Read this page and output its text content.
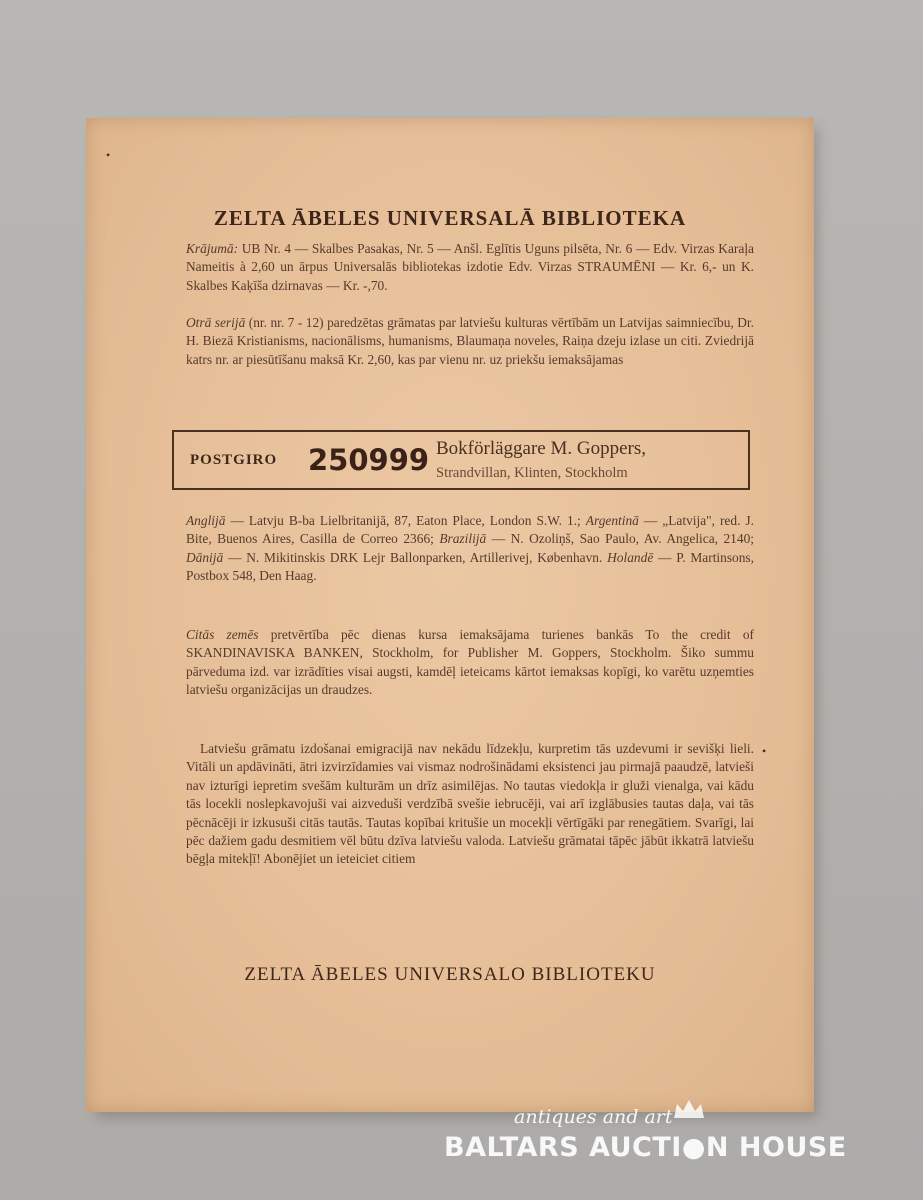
ZELTA ĀBELES UNIVERSALĀ BIBLIOTEKA
Krājumā: UB Nr. 4 — Skalbes Pasakas, Nr. 5 — Anšl. Eglītis Uguns pilsēta, Nr. 6 — Edv. Virzas Karaļa Nameitis à 2,60 un ārpus Universalās bibliotekas izdotie Edv. Virzas STRAUMĒNI — Kr. 6,- un K. Skalbes Kaķīša dzirnavas — Kr. -,70.
Otrā serijā (nr. nr. 7 - 12) paredzētas grāmatas par latviešu kulturas vērtībām un Latvijas saimniecību, Dr. H. Biezā Kristianisms, nacionālisms, humanisms, Blaumaņa noveles, Raiņa dzeju izlase un citi. Zviedrijā katrs nr. ar piesūtīšanu maksā Kr. 2,60, kas par vienu nr. uz priekšu iemaksājamas
POSTGIRO 250999 Bokförläggare M. Goppers,
Strandvillan, Klinten, Stockholm
Anglijā — Latvju B-ba Lielbritanijā, 87, Eaton Place, London S.W. 1.; Argentinā — „Latvija", red. J. Bite, Buenos Aires, Casilla de Correo 2366; Brazilijā — N. Ozoliņš, Sao Paulo, Av. Angelica, 2140; Dānijā — N. Mikitinskis DRK Lejr Ballonparken, Artillerivej, København. Holandē — P. Martinsons, Postbox 548, Den Haag.
Citās zemēs pretvērtība pēc dienas kursa iemaksājama turienes bankās To the credit of SKANDINAVISKA BANKEN, Stockholm, for Publisher M. Goppers, Stockholm. Šiko summu pārveduma izd. var izrādīties visai augsti, kamdēļ ieteicams kārtot iemaksas kopīgi, ko varētu uzņemties latviešu organizācijas un draudzes.
Latviešu grāmatu izdošanai emigracijā nav nekādu līdzekļu, kurpretim tās uzdevumi ir sevišķi lieli. Vitāli un apdāvināti, ātri izvirzīdamies vai vismaz nodrošinādami eksistenci jau pirmajā paaudzē, latvieši nav izturīgi iepretim svešām kulturām un drīz asimilējas. No tautas viedokļa ir gluži vienalga, vai kādu tās locekli noslepkavojuši vai aizveduši verdzībā svešie iebrucēji, vai arī izglābusies tautas daļa, vai tās pēcnācēji ir izkusuši citās tautās. Tautas kopībai kritušie un mocekļi vērtīgāki par renegātiem. Svarīgi, lai pēc dažiem gadu desmitiem vēl būtu dzīva latviešu valoda. Latviešu grāmatai tāpēc jābūt ikkatrā latviešu bēgļa mitekļī! Abonējiet un ieteiciet citiem
ZELTA ĀBELES UNIVERSALO BIBLIOTEKU
•
•
antiques and art
BALTARS AUCTI●N HOUSE
